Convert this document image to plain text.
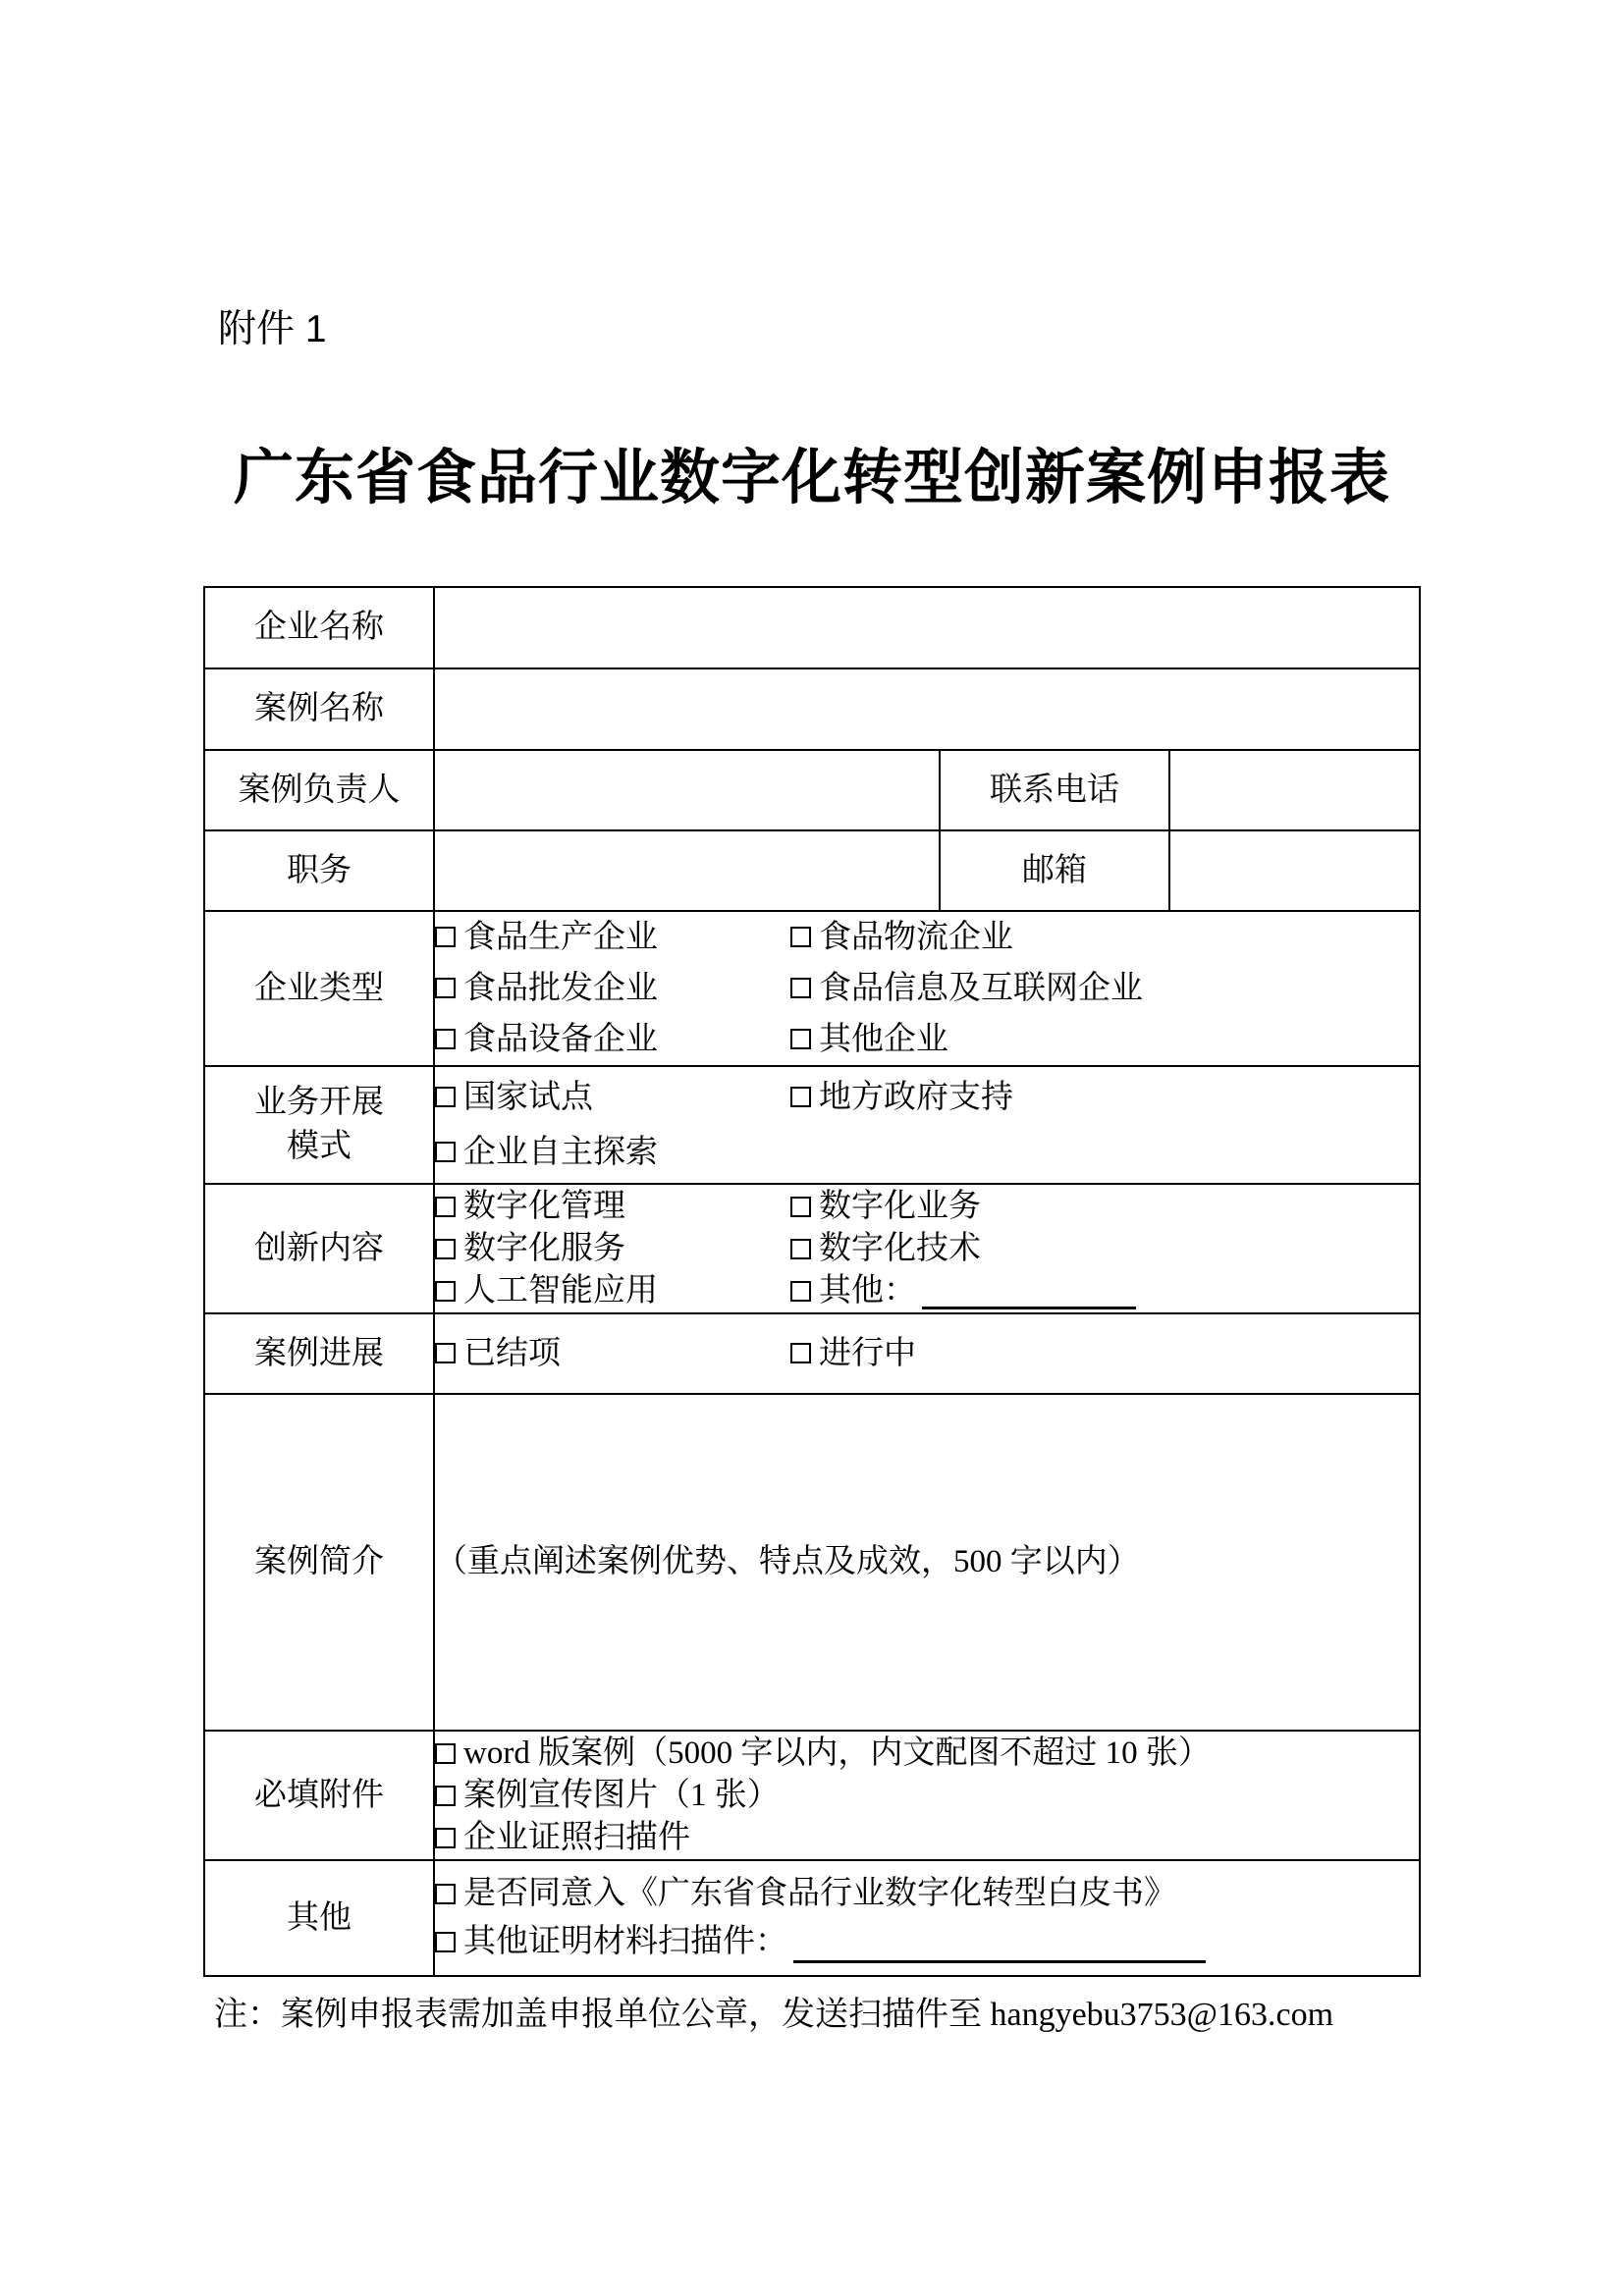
附件 1
广东省食品行业数字化转型创新案例申报表
企业名称			
案例名称			
案例负责人		联系电话	
职务		邮箱	
企业类型	
食品生产企业	食品物流企业
食品批发企业	食品信息及互联网企业
食品设备企业	其他企业

业务开展
模式

国家试点	地方政府支持
企业自主探索

创新内容	
数字化管理	数字化业务
数字化服务	数字化技术
人工智能应用	其他：

案例进展	已结项 进行中		

案例简介	（重点阐述案例优势、特点及成效，500 字以内）		
必填附件	word 版案例（5000 字以内，内文配图不超过 10 张）
案例宣传图片（1 张）
企业证照扫描件		

其他	是否同意入《广东省食品行业数字化转型白皮书》
其他证明材料扫描件：		
注：案例申报表需加盖申报单位公章，发送扫描件至 hangyebu3753@163.com
